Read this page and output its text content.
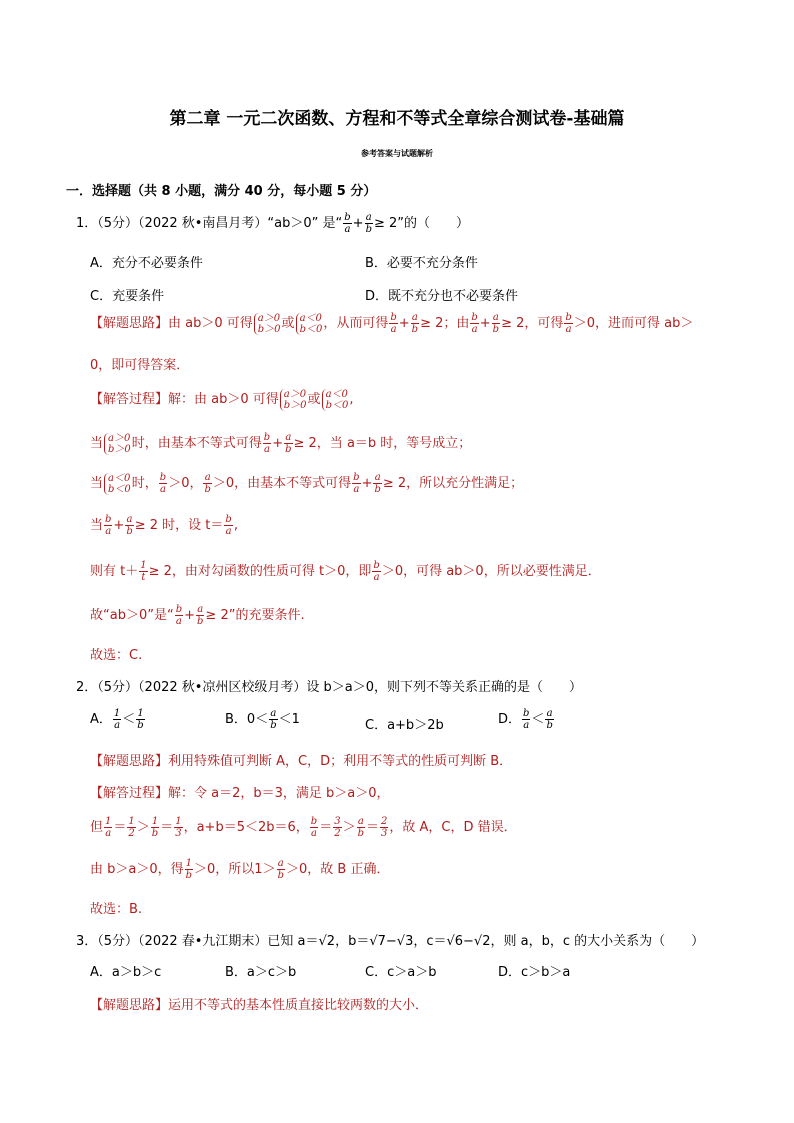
第二章 一元二次函数、方程和不等式全章综合测试卷-基础篇
参考答案与试题解析
一．选择题（共 8 小题，满分 40 分，每小题 5 分）
1．（5分）（2022 秋•南昌月考）“ab＞0” 是“ $\frac{b}{a} + \frac{a}{b} \ge 2$”的（　　）
A．充分不必要条件	B．必要不充分条件
C．充要条件	D．既不充分也不必要条件
【解题思路】由 ab＞0 可得 a＞0
b＞0 或 a＜0
b＜0 ，从而可得 $\frac{b}{a} + \frac{a}{b} \ge 2$；由 $\frac{b}{a} + \frac{a}{b} \ge 2$，可得 $\frac{b}{a} >0$，进而可得 ab＞
0，即可得答案．
【解答过程】解：由 ab＞0 可得 a＞0
b＞0 或 a＜0
b＜0 ,
当 a＞0
b＞0 时，由基本不等式可得 $\frac{b}{a} + \frac{a}{b} \ge 2$，当 a＝b 时，等号成立；
当 a＜0
b＜0 时， $\frac{b}{a} >0$， $\frac{a}{b} >0$，由基本不等式可得 $\frac{b}{a} + \frac{a}{b} \ge 2$，所以充分性满足；
当 $\frac{b}{a} + \frac{a}{b} \ge 2$ 时，设 $t= \frac{b}{a}$ ,
则有 $t+ \frac{1}{t} \ge 2$，由对勾函数的性质可得 t＞0，即 $\frac{b}{a} >0$，可得 ab＞0，所以必要性满足．
故“ab＞0”是“ $\frac{b}{a} + \frac{a}{b} \ge 2$”的充要条件.
故选：C.
2．（5分）（2022 秋•凉州区校级月考）设 b＞a＞0，则下列不等关系正确的是（　　）
A． $\frac{1}{a} < \frac{1}{b}$	B．$0< \frac{a}{b} <1$	C．a+b＞2b	D． $\frac{b}{a} < \frac{a}{b}$
【解题思路】利用特殊值可判断 A，C，D；利用不等式的性质可判断 B．
【解答过程】解：令 a＝2，b＝3，满足 b＞a＞0，
但 $\frac{1}{a} = \frac{1}{2} > \frac{1}{b} = \frac{1}{3}$ ，a+b＝5＜2b＝6， $\frac{b}{a} = \frac{3}{2} > \frac{a}{b} = \frac{2}{3}$ ，故 A，C，D 错误．
由 b＞a＞0，得 $\frac{1}{b} >0$，所以$1> \frac{a}{b} >0$，故 B 正确．
故选：B.
3．（5分）（2022 春•九江期末）已知 a＝√2，b＝√7−√3，c＝√6−√2，则 a，b，c 的大小关系为（　　）
A．a＞b＞c	B．a＞c＞b	C．c＞a＞b	D．c＞b＞a
【解题思路】运用不等式的基本性质直接比较两数的大小．
